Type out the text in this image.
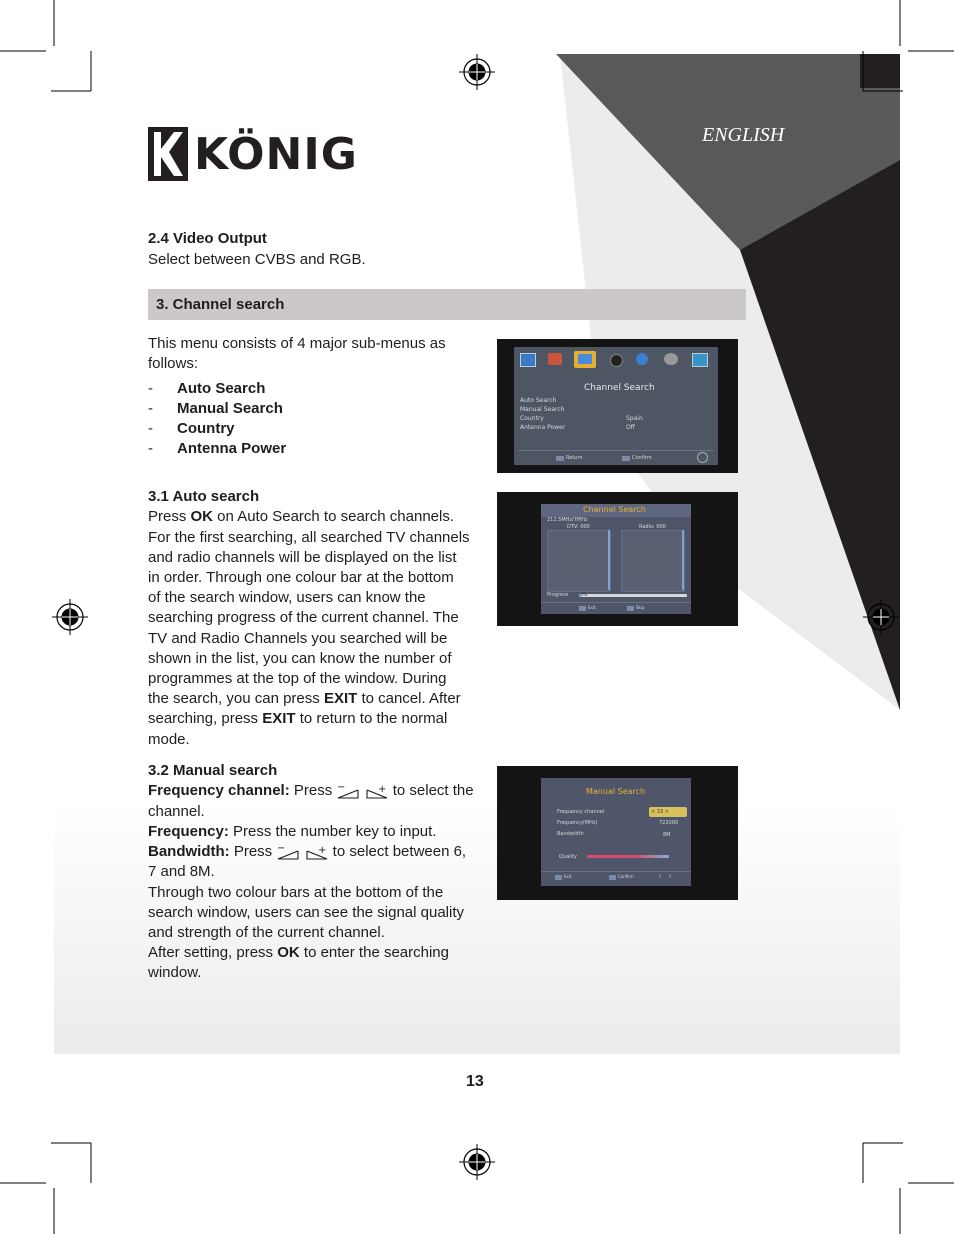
KÖNIG	ENGLISH
2.4 Video Output
Select between CVBS and RGB.
3. Channel search
This menu consists of 4 major sub-menus as
follows:
- Auto Search
- Manual Search
- Country
- Antenna Power
3.1 Auto search
Press OK on Auto Search to search channels.
For the first searching, all searched TV channels
and radio channels will be displayed on the list
in order. Through one colour bar at the bottom
of the search window, users can know the
searching progress of the current channel. The
TV and Radio Channels you searched will be
shown in the list, you can know the number of
programmes at the top of the window. During
the search, you can press EXIT to cancel. After
searching, press EXIT to return to the normal
mode.
3.2 Manual search
Frequency channel: Press −
	+ to select the
channel.
Frequency: Press the number key to input.
Bandwidth: Press −
	+ to select between 6,
7 and 8M.
Through two colour bars at the bottom of the
search window, users can see the signal quality
and strength of the current channel.
After setting, press OK to enter the searching
window.
Channel Search
Auto Search
Manual Search
Country	Spain
Antenna Power	Off
Return	Confirm
Channel Search
212.5MHz/7MHz
DTV: 000	Radio: 000
Progress	0%
Exit	Skip
Manual Search
Frequency channel	< 33 >
Frequency(MHz)	722000
Bandwidth	8M
Quality
Exit	Confirm	‹ ›
13
